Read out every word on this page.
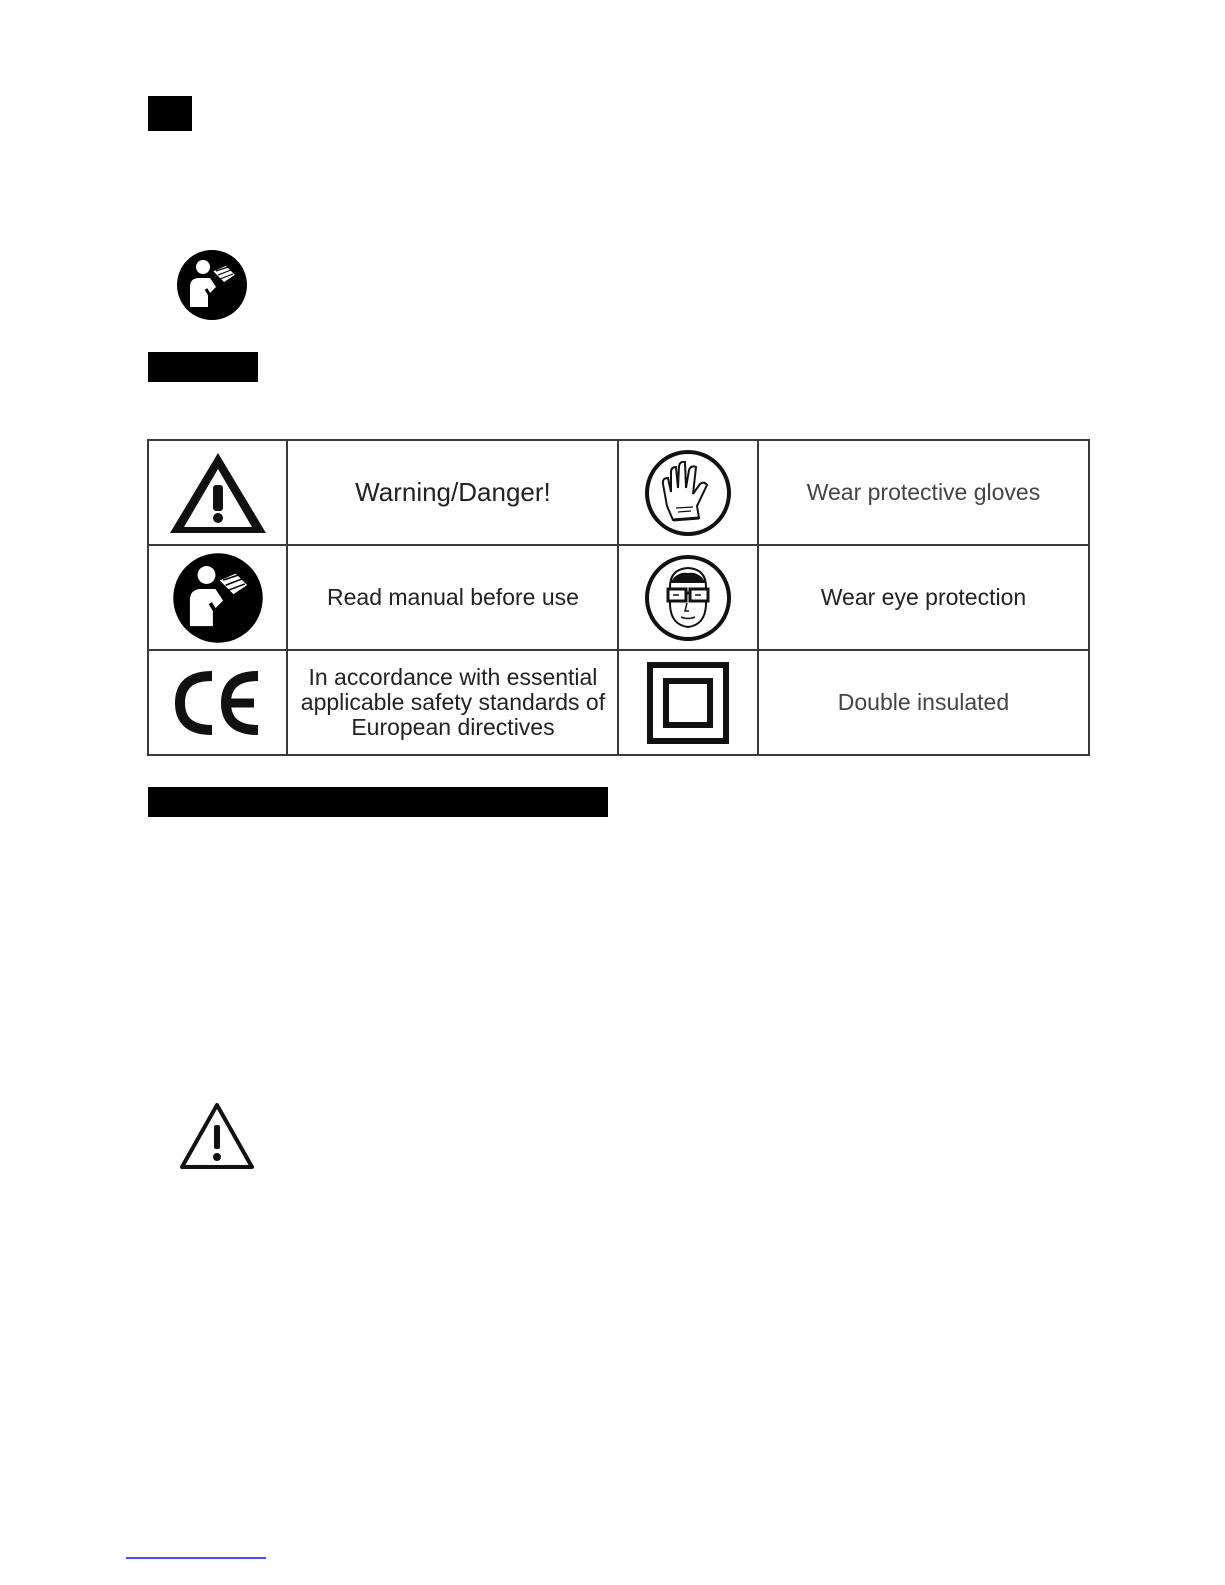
	Warning/Danger!		Wear protective gloves

	Read manual before use		Wear eye protection

In accordance with essential
applicable safety standards of
European directives		Double insulated
